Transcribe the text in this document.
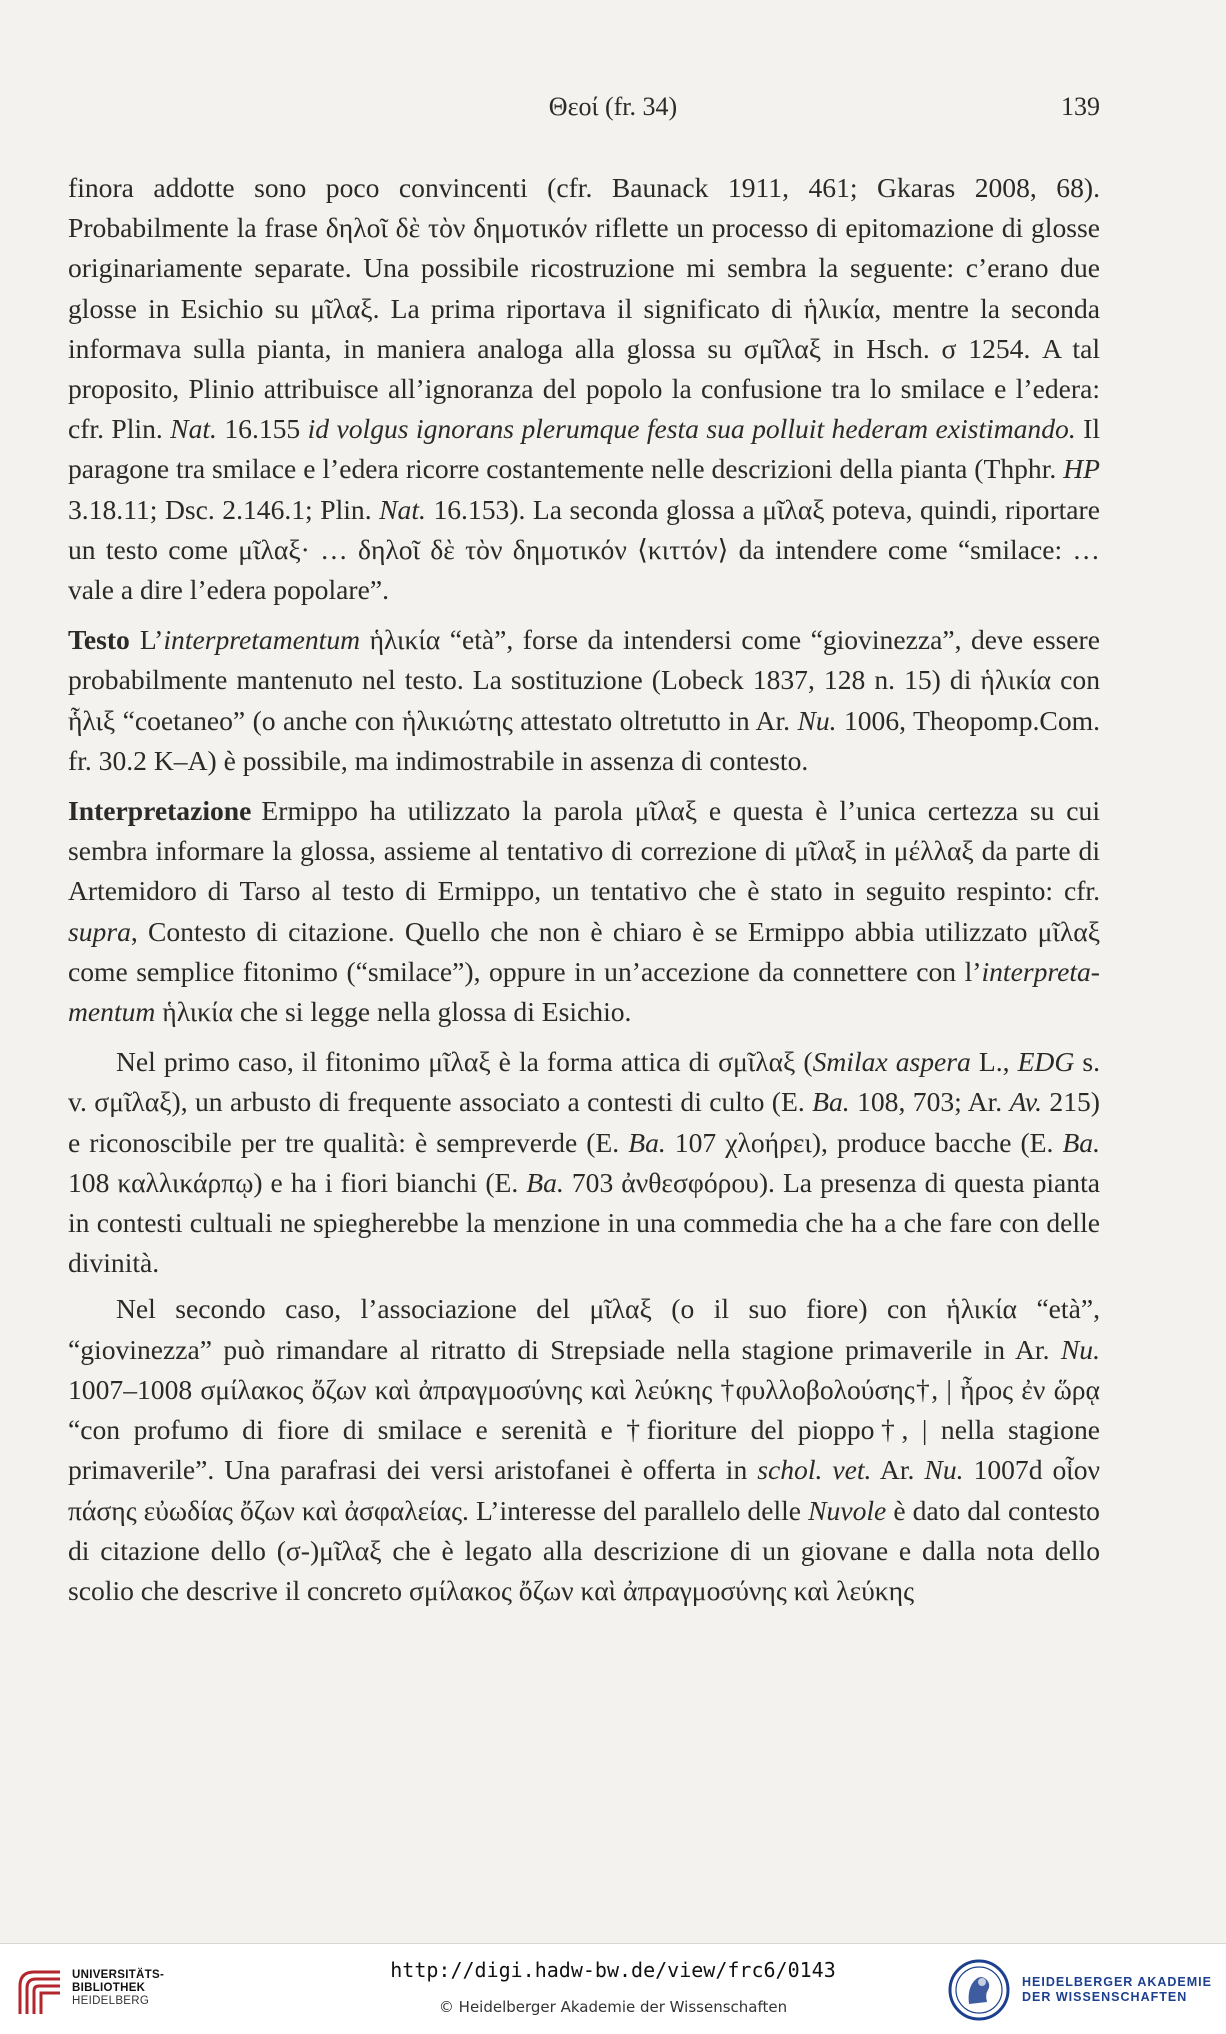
Θεοί (fr. 34)	139

finora addotte sono poco convincenti (cfr. Baunack 1911, 461; Gkaras 2008, 68). Probabilmente la frase δηλοῖ δὲ τὸν δημοτικόν riflette un processo di epitomazione di glosse originariamente separate. Una possibile ricostruzione mi sembra la seguente: c’erano due glosse in Esichio su μῖλαξ. La prima riportava il significato di ἡλικία, mentre la seconda informava sulla pianta, in maniera analoga alla glossa su σμῖλαξ in Hsch. σ 1254. A tal proposito, Plinio attribuisce all’ignoranza del popolo la confusione tra lo smilace e l’edera: cfr. Plin. Nat. 16.155 id volgus ignorans plerumque festa sua polluit hederam existimando. Il paragone tra smilace e l’edera ricorre costantemente nelle descrizioni della pianta (Thphr. HP 3.18.11; Dsc. 2.146.1; Plin. Nat. 16.153). La seconda glossa a μῖλαξ poteva, quindi, riportare un testo come μῖλαξ· … δηλοῖ δὲ τὸν δημοτικόν ⟨κιττόν⟩ da intendere come “smilace: … vale a dire l’edera popolare”.

Testo L’interpretamentum ἡλικία “età”, forse da intendersi come “giovinezza”, deve essere probabilmente mantenuto nel testo. La sostituzione (Lobeck 1837, 128 n. 15) di ἡλικία con ἧλιξ “coetaneo” (o anche con ἡλικιώτης attestato oltretutto in Ar. Nu. 1006, Theopomp.Com. fr. 30.2 K–A) è possibile, ma indimostrabile in assenza di contesto.

Interpretazione Ermippo ha utilizzato la parola μῖλαξ e questa è l’unica certezza su cui sembra informare la glossa, assieme al tentativo di correzione di μῖλαξ in μέλλαξ da parte di Artemidoro di Tarso al testo di Ermippo, un tentativo che è stato in seguito respinto: cfr. supra, Contesto di citazione. Quello che non è chiaro è se Ermippo abbia utilizzato μῖλαξ come semplice fitonimo (“smilace”), oppure in un’accezione da connettere con l’interpretamentum ἡλικία che si legge nella glossa di Esichio.

Nel primo caso, il fitonimo μῖλαξ è la forma attica di σμῖλαξ (Smilax aspera L., EDG s. v. σμῖλαξ), un arbusto di frequente associato a contesti di culto (E. Ba. 108, 703; Ar. Av. 215) e riconoscibile per tre qualità: è sempreverde (E. Ba. 107 χλοήρει), produce bacche (E. Ba. 108 καλλικάρπῳ) e ha i fiori bianchi (E. Ba. 703 ἀνθεσφόρου). La presenza di questa pianta in contesti cultuali ne spiegherebbe la menzione in una commedia che ha a che fare con delle divinità.

Nel secondo caso, l’associazione del μῖλαξ (o il suo fiore) con ἡλικία “età”, “giovinezza” può rimandare al ritratto di Strepsiade nella stagione primaverile in Ar. Nu. 1007–1008 σμίλακος ὄζων καὶ ἀπραγμοσύνης καὶ λεύκης †φυλλοβολούσης†, | ἦρος ἐν ὥρᾳ “con profumo di fiore di smilace e serenità e †fioriture del pioppo†, | nella stagione primaverile”. Una parafrasi dei versi aristofanei è offerta in schol. vet. Ar. Nu. 1007d οἷον πάσης εὐωδίας ὄζων καὶ ἀσφαλείας. L’interesse del parallelo delle Nuvole è dato dal contesto di citazione dello (σ-)μῖλαξ che è legato alla descrizione di un giovane e dalla nota dello scolio che descrive il concreto σμίλακος ὄζων καὶ ἀπραγμοσύνης καὶ λεύκης

UNIVERSITÄTS-
BIBLIOTHEK
HEIDELBERG
http://digi.hadw-bw.de/view/frc6/0143
© Heidelberger Akademie der Wissenschaften
HEIDELBERGER AKADEMIE
DER WISSENSCHAFTEN
